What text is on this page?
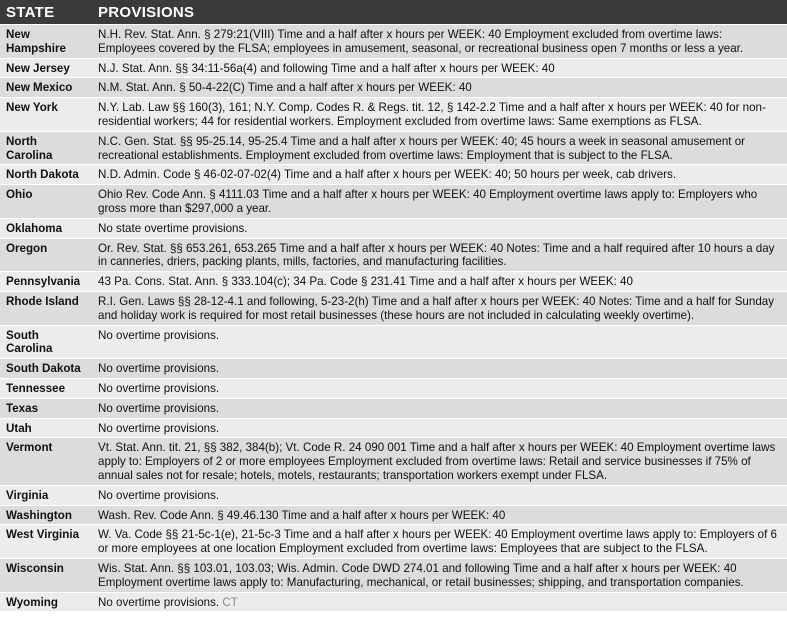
STATE	PROVISIONS
New Hampshire	N.H. Rev. Stat. Ann. § 279:21(VIII) Time and a half after x hours per WEEK: 40 Employment excluded from overtime laws: Employees covered by the FLSA; employees in amusement, seasonal, or recreational business open 7 months or less a year.
New Jersey	N.J. Stat. Ann. §§ 34:11-56a(4) and following Time and a half after x hours per WEEK: 40
New Mexico	N.M. Stat. Ann. § 50-4-22(C) Time and a half after x hours per WEEK: 40
New York	N.Y. Lab. Law §§ 160(3), 161; N.Y. Comp. Codes R. & Regs. tit. 12, § 142-2.2 Time and a half after x hours per WEEK: 40 for non-residential workers; 44 for residential workers. Employment excluded from overtime laws: Same exemptions as FLSA.
North Carolina	N.C. Gen. Stat. §§ 95-25.14, 95-25.4 Time and a half after x hours per WEEK: 40; 45 hours a week in seasonal amusement or recreational establishments. Employment excluded from overtime laws: Employment that is subject to the FLSA.
North Dakota	N.D. Admin. Code § 46-02-07-02(4) Time and a half after x hours per WEEK: 40; 50 hours per week, cab drivers.
Ohio	Ohio Rev. Code Ann. § 4111.03 Time and a half after x hours per WEEK: 40 Employment overtime laws apply to: Employers who gross more than $297,000 a year.
Oklahoma	No state overtime provisions.
Oregon	Or. Rev. Stat. §§ 653.261, 653.265 Time and a half after x hours per WEEK: 40 Notes: Time and a half required after 10 hours a day in canneries, driers, packing plants, mills, factories, and manufacturing facilities.
Pennsylvania	43 Pa. Cons. Stat. Ann. § 333.104(c); 34 Pa. Code § 231.41 Time and a half after x hours per WEEK: 40
Rhode Island	R.I. Gen. Laws §§ 28-12-4.1 and following, 5-23-2(h) Time and a half after x hours per WEEK: 40 Notes: Time and a half for Sunday and holiday work is required for most retail businesses (these hours are not included in calculating weekly overtime).
South Carolina	No overtime provisions.
South Dakota	No overtime provisions.
Tennessee	No overtime provisions.
Texas	No overtime provisions.
Utah	No overtime provisions.
Vermont	Vt. Stat. Ann. tit. 21, §§ 382, 384(b); Vt. Code R. 24 090 001 Time and a half after x hours per WEEK: 40 Employment overtime laws apply to: Employers of 2 or more employees Employment excluded from overtime laws: Retail and service businesses if 75% of annual sales not for resale; hotels, motels, restaurants; transportation workers exempt under FLSA.
Virginia	No overtime provisions.
Washington	Wash. Rev. Code Ann. § 49.46.130 Time and a half after x hours per WEEK: 40
West Virginia	W. Va. Code §§ 21-5c-1(e), 21-5c-3 Time and a half after x hours per WEEK: 40 Employment overtime laws apply to: Employers of 6 or more employees at one location Employment excluded from overtime laws: Employees that are subject to the FLSA.
Wisconsin	Wis. Stat. Ann. §§ 103.01, 103.03; Wis. Admin. Code DWD 274.01 and following Time and a half after x hours per WEEK: 40 Employment overtime laws apply to: Manufacturing, mechanical, or retail businesses; shipping, and transportation companies.
Wyoming	No overtime provisions. CT
